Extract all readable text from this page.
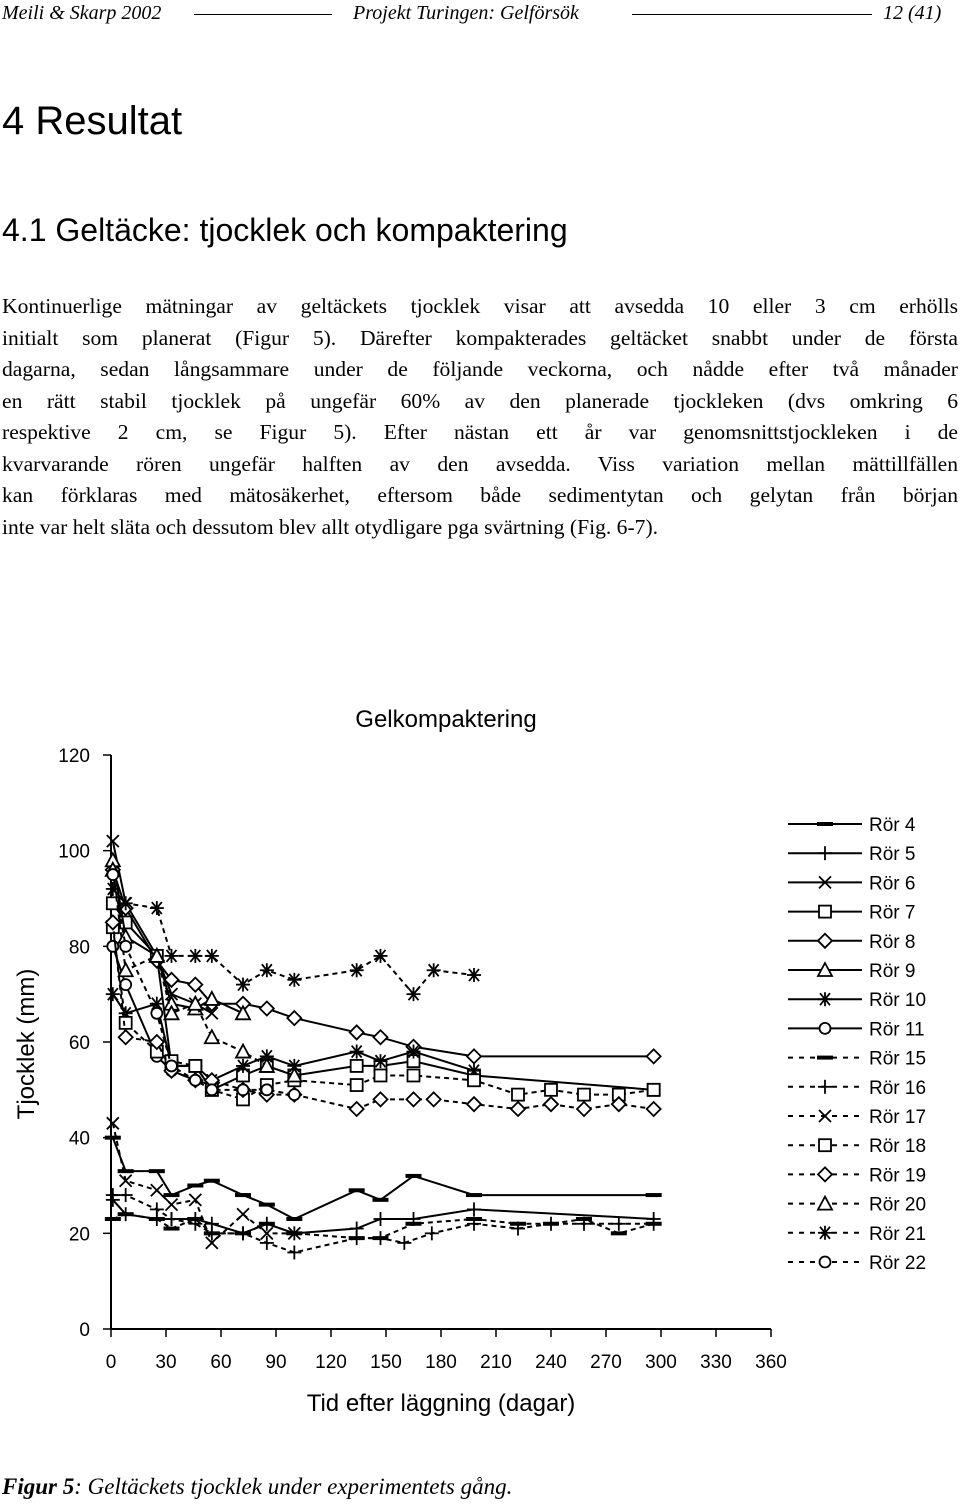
Meili & Skarp 2002	Projekt Turingen: Gelförsök	12 (41)
4 Resultat
4.1 Geltäcke: tjocklek och kompaktering
Kontinuerlige mätningar av geltäckets tjocklek visar att avsedda 10 eller 3 cm erhölls
initialt som planerat (Figur 5). Därefter kompakterades geltäcket snabbt under de första
dagarna, sedan långsammare under de följande veckorna, och nådde efter två månader
en rätt stabil tjocklek på ungefär 60% av den planerade tjockleken (dvs omkring 6
respektive 2 cm, se Figur 5). Efter nästan ett år var genomsnittstjockleken i de
kvarvarande rören ungefär halften av den avsedda. Viss variation mellan mättillfällen
kan förklaras med mätosäkerhet, eftersom både sedimentytan och gelytan från början
inte var helt släta och dessutom blev allt otydligare pga svärtning (Fig. 6-7).
Gelkompaktering
Tid efter läggning (dagar)
Tjocklek (mm)
0
20
40
60
80
100
120
0 30 60 90 120 150 180 210 240 270 300 330 360
Rör 4
Rör 5
Rör 6
Rör 7
Rör 8
Rör 9
Rör 10
Rör 11
Rör 15
Rör 16
Rör 17
Rör 18
Rör 19
Rör 20
Rör 21
Rör 22
Figur 5: Geltäckets tjocklek under experimentets gång.
